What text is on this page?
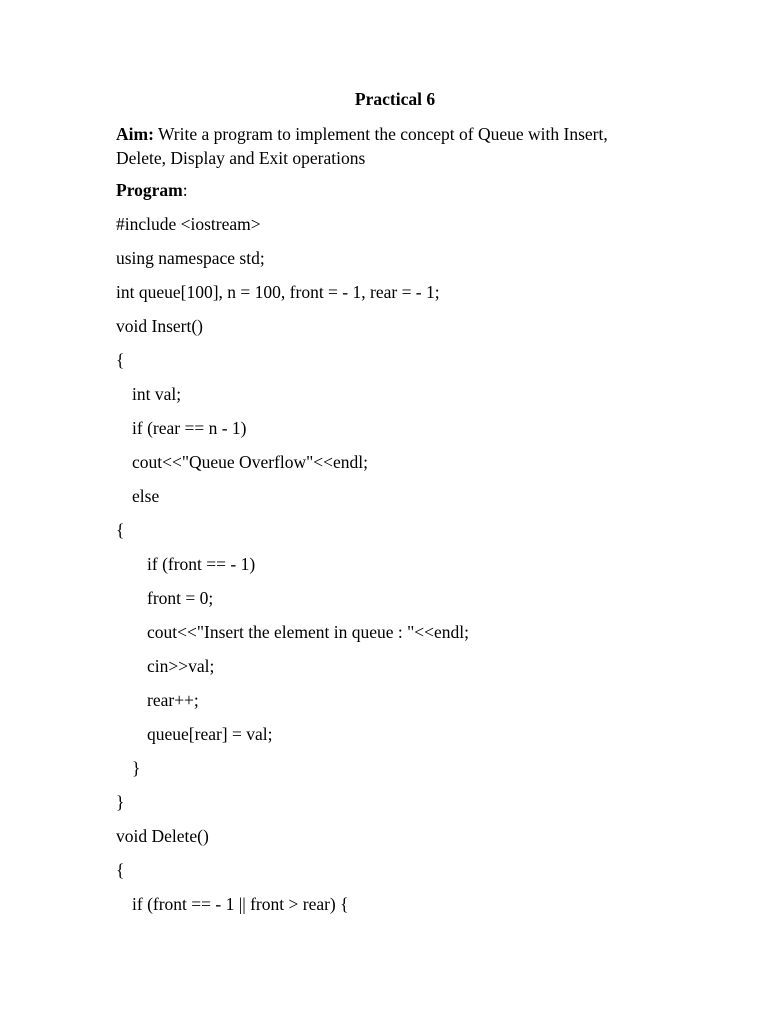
Practical 6
Aim: Write a program to implement the concept of Queue with Insert, Delete, Display and Exit operations
Program:
#include <iostream>
using namespace std;
int queue[100], n = 100, front = - 1, rear = - 1;
void Insert()
{
int val;
if (rear == n - 1)
cout<<"Queue Overflow"<<endl;
else
{
if (front == - 1)
front = 0;
cout<<"Insert the element in queue : "<<endl;
cin>>val;
rear++;
queue[rear] = val;
}
}
void Delete()
{
if (front == - 1 || front > rear) {
